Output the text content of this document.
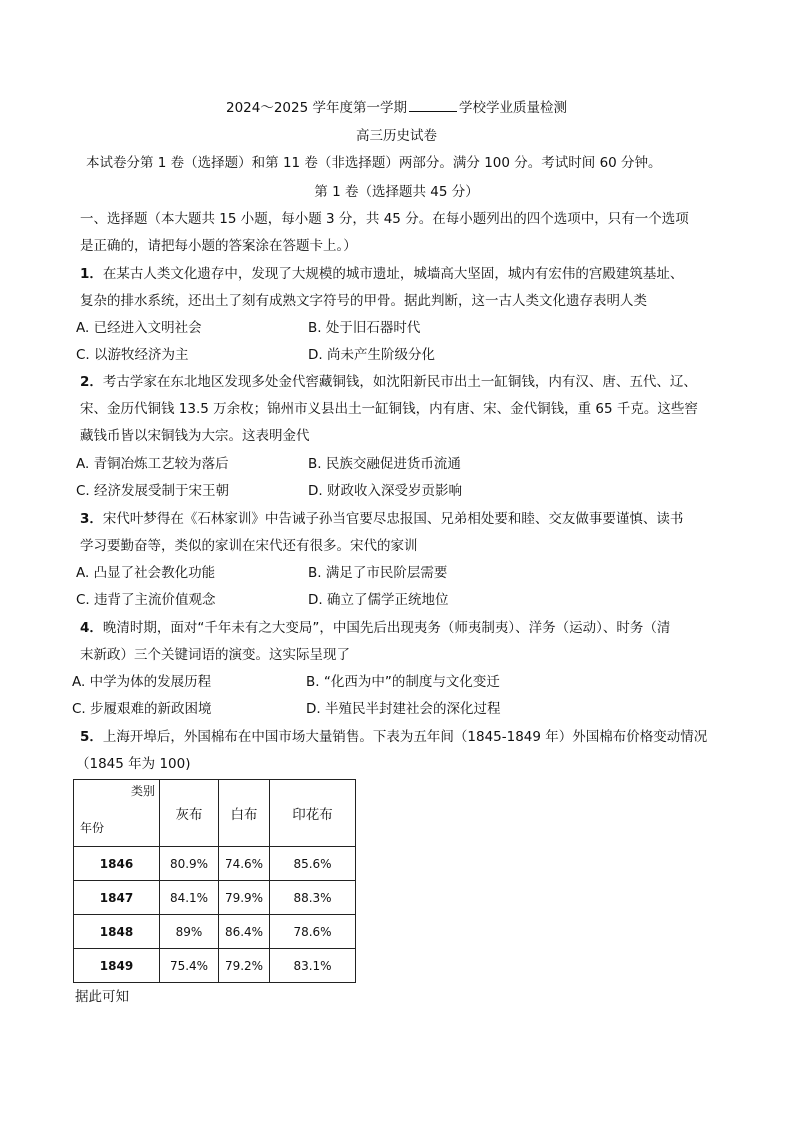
2024～2025 学年度第一学期	学校学业质量检测
高三历史试卷
本试卷分第 1 卷（选择题）和第 11 卷（非选择题）两部分。满分 100 分。考试时间 60 分钟。
第 1 卷（选择题共 45 分）
一、选择题（本大题共 15 小题，每小题 3 分，共 45 分。在每小题列出的四个选项中，只有一个选项
是正确的，请把每小题的答案涂在答题卡上。）
1．在某古人类文化遗存中，发现了大规模的城市遗址，城墙高大坚固，城内有宏伟的宫殿建筑基址、
复杂的排水系统，还出土了刻有成熟文字符号的甲骨。据此判断，这一古人类文化遗存表明人类
A. 已经进入文明社会	B. 处于旧石器时代
C. 以游牧经济为主	D. 尚未产生阶级分化
2．考古学家在东北地区发现多处金代窖藏铜钱，如沈阳新民市出土一缸铜钱，内有汉、唐、五代、辽、
宋、金历代铜钱 13.5 万余枚；锦州市义县出土一缸铜钱，内有唐、宋、金代铜钱，重 65 千克。这些窖
藏钱币皆以宋铜钱为大宗。这表明金代
A. 青铜冶炼工艺较为落后	B. 民族交融促进货币流通
C. 经济发展受制于宋王朝	D. 财政收入深受岁贡影响
3．宋代叶梦得在《石林家训》中告诫子孙当官要尽忠报国、兄弟相处要和睦、交友做事要谨慎、读书
学习要勤奋等，类似的家训在宋代还有很多。宋代的家训
A. 凸显了社会教化功能	B. 满足了市民阶层需要
C. 违背了主流价值观念	D. 确立了儒学正统地位
4．晚清时期，面对“千年未有之大变局”，中国先后出现夷务（师夷制夷）、洋务（运动）、时务（清
末新政）三个关键词语的演变。这实际呈现了
A. 中学为体的发展历程	B. “化西为中”的制度与文化变迁
C. 步履艰难的新政困境	D. 半殖民半封建社会的深化过程
5．上海开埠后，外国棉布在中国市场大量销售。下表为五年间（1845-1849 年）外国棉布价格变动情况
（1845 年为 100)
类别
年份	灰布	白布	印花布
1846	80.9%	74.6%	85.6%
1847	84.1%	79.9%	88.3%
1848	89%	86.4%	78.6%
1849	75.4%	79.2%	83.1%
据此可知
